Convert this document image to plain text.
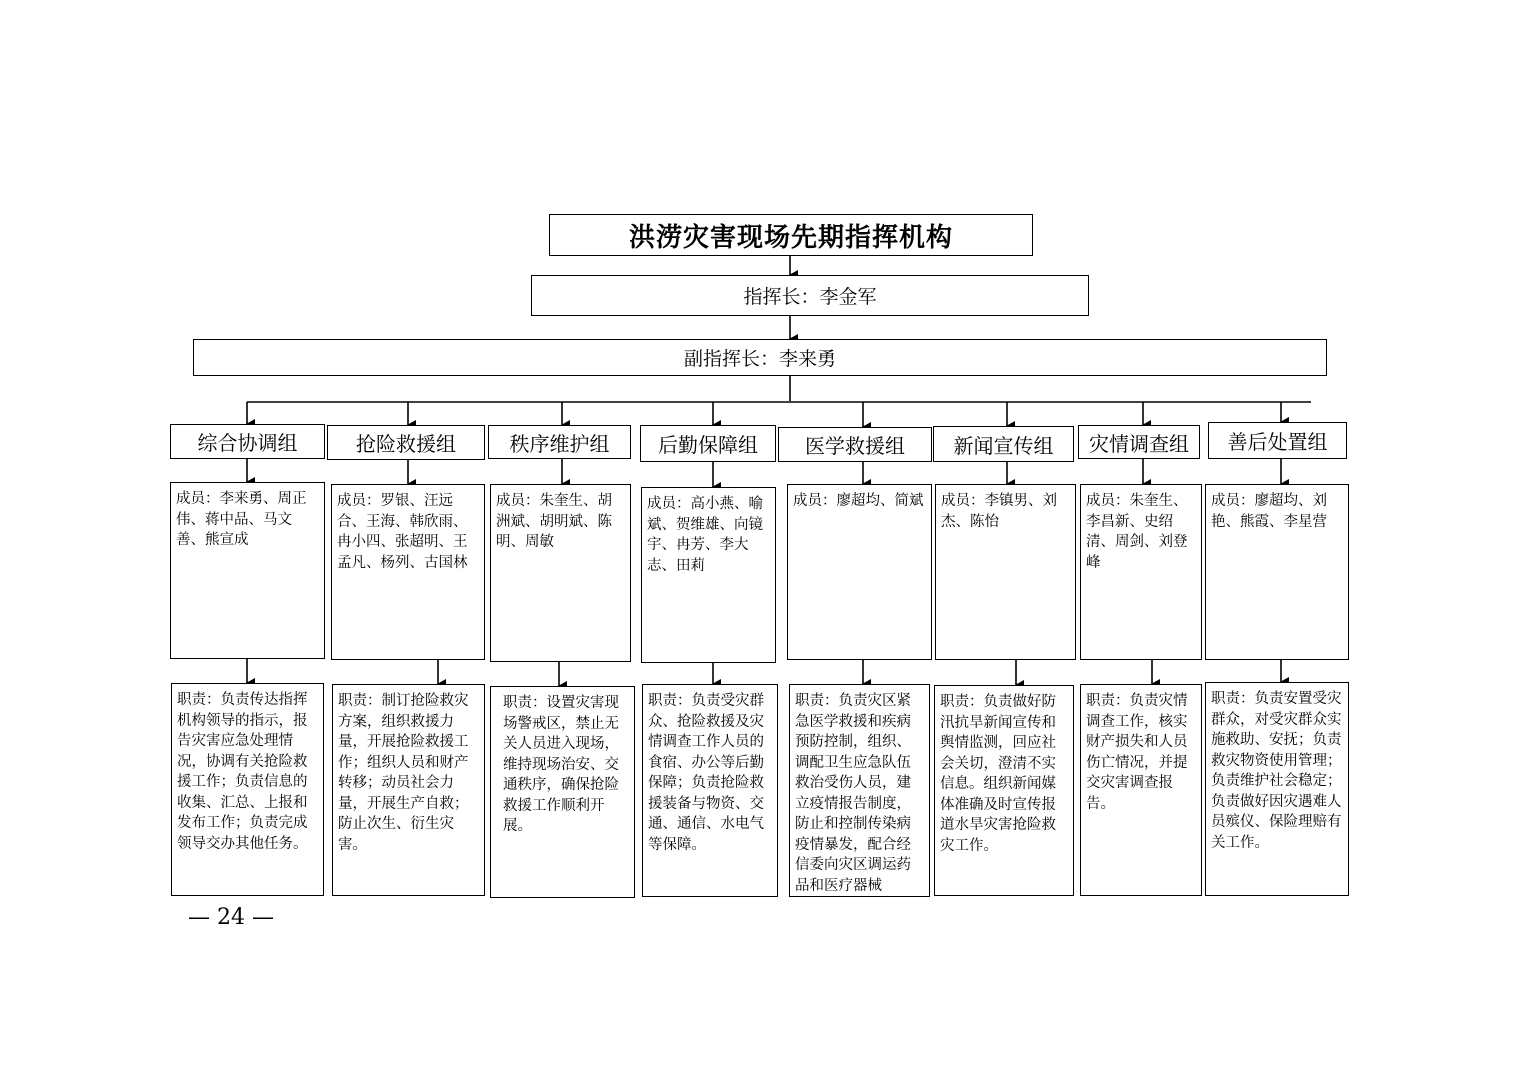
洪涝灾害现场先期指挥机构
指挥长：李金军
副指挥长：李来勇
综合协调组	抢险救援组	秩序维护组 后勤保障组 医学救援组 新闻宣传组 灾情调查组 善后处置组
成员：李来勇、周正伟、蒋中品、马文善、熊宣成
成员：罗银、汪远合、王海、韩欣雨、冉小四、张超明、王孟凡、杨列、古国林
成员：朱奎生、胡洲斌、胡明斌、陈明、周敏
成员：高小燕、喻斌、贺维雄、向镜宇、冉芳、李大志、田莉
成员：廖超均、简斌	成员：李镇男、刘杰、陈怡
成员：朱奎生、李昌新、史绍清、周剑、刘登峰
成员：廖超均、刘艳、熊霞、李星营
职责：负责传达指挥机构领导的指示，报告灾害应急处理情况，协调有关抢险救援工作；负责信息的收集、汇总、上报和发布工作；负责完成领导交办其他任务。
职责：制订抢险救灾方案，组织救援力量，开展抢险救援工作；组织人员和财产转移；动员社会力量，开展生产自救；防止次生、衍生灾害。
职责：设置灾害现场警戒区，禁止无关人员进入现场，维持现场治安、交通秩序，确保抢险救援工作顺利开展。
职责：负责受灾群众、抢险救援及灾情调查工作人员的食宿、办公等后勤保障；负责抢险救援装备与物资、交通、通信、水电气等保障。
职责：负责灾区紧急医学救援和疾病预防控制，组织、调配卫生应急队伍救治受伤人员，建立疫情报告制度，防止和控制传染病疫情暴发，配合经信委向灾区调运药品和医疗器械
职责：负责做好防汛抗旱新闻宣传和舆情监测，回应社会关切，澄清不实信息。组织新闻媒体准确及时宣传报道水旱灾害抢险救灾工作。
职责：负责灾情调查工作，核实财产损失和人员伤亡情况，并提交灾害调查报告。
职责：负责安置受灾群众，对受灾群众实施救助、安抚；负责救灾物资使用管理；负责维护社会稳定；负责做好因灾遇难人员殡仪、保险理赔有关工作。
— 24 —
